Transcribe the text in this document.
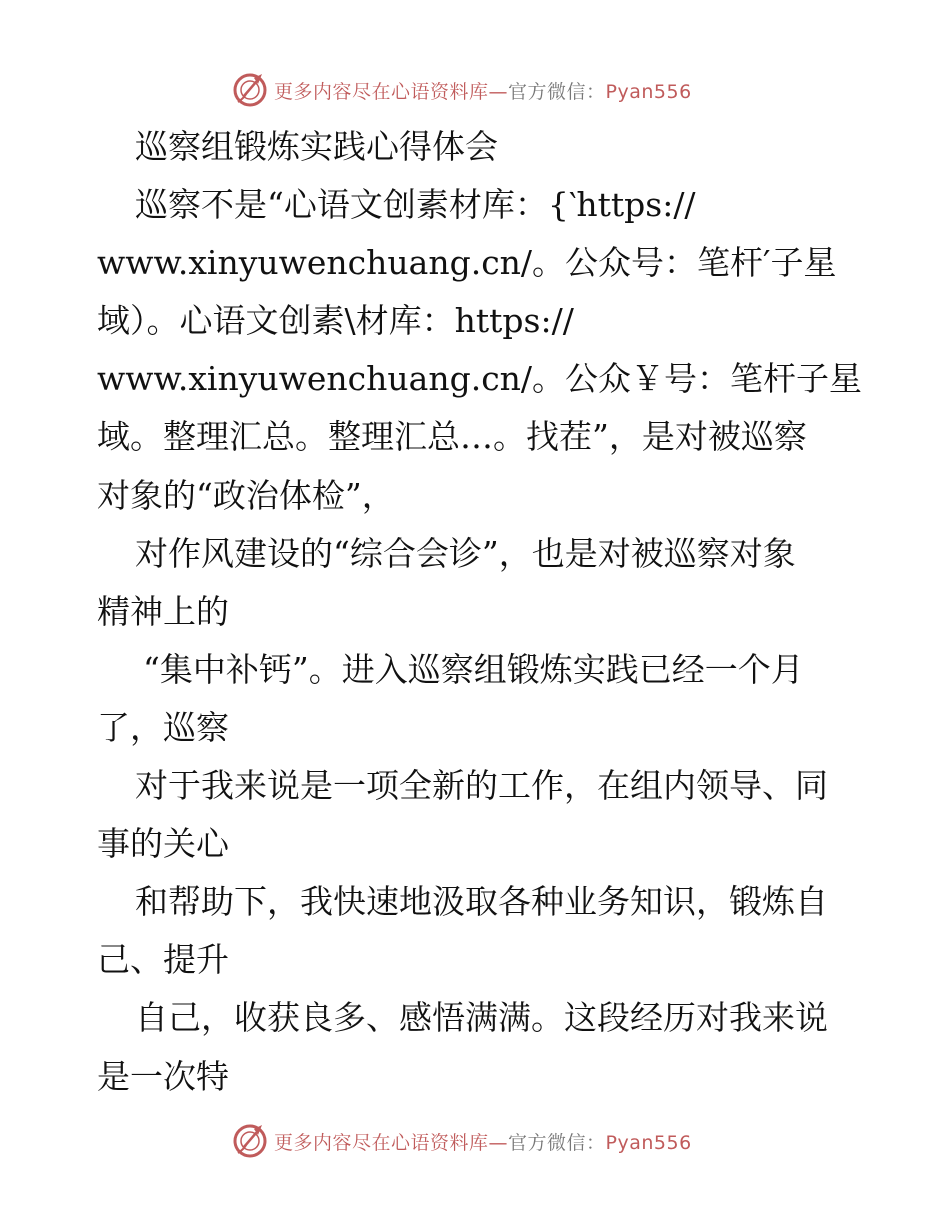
更多内容尽在心语资料库—官方微信：Pyan556
巡察组锻炼实践心得体会
巡察不是“心语文创素材库：{‵https://
www.xinyuwenchuang.cn/。公众号：笔杆′子星
域）。心语文创素\材库：https://
www.xinyuwenchuang.cn/。公众￥号：笔杆子星
域。整理汇总。整理汇总…。找茬”，是对被巡察
对象的“政治体检”，
对作风建设的“综合会诊”，也是对被巡察对象
精神上的
“集中补钙”。进入巡察组锻炼实践已经一个月
了，巡察
对于我来说是一项全新的工作，在组内领导、同
事的关心
和帮助下，我快速地汲取各种业务知识，锻炼自
己、提升
自己，收获良多、感悟满满。这段经历对我来说
是一次特
更多内容尽在心语资料库—官方微信：Pyan556
